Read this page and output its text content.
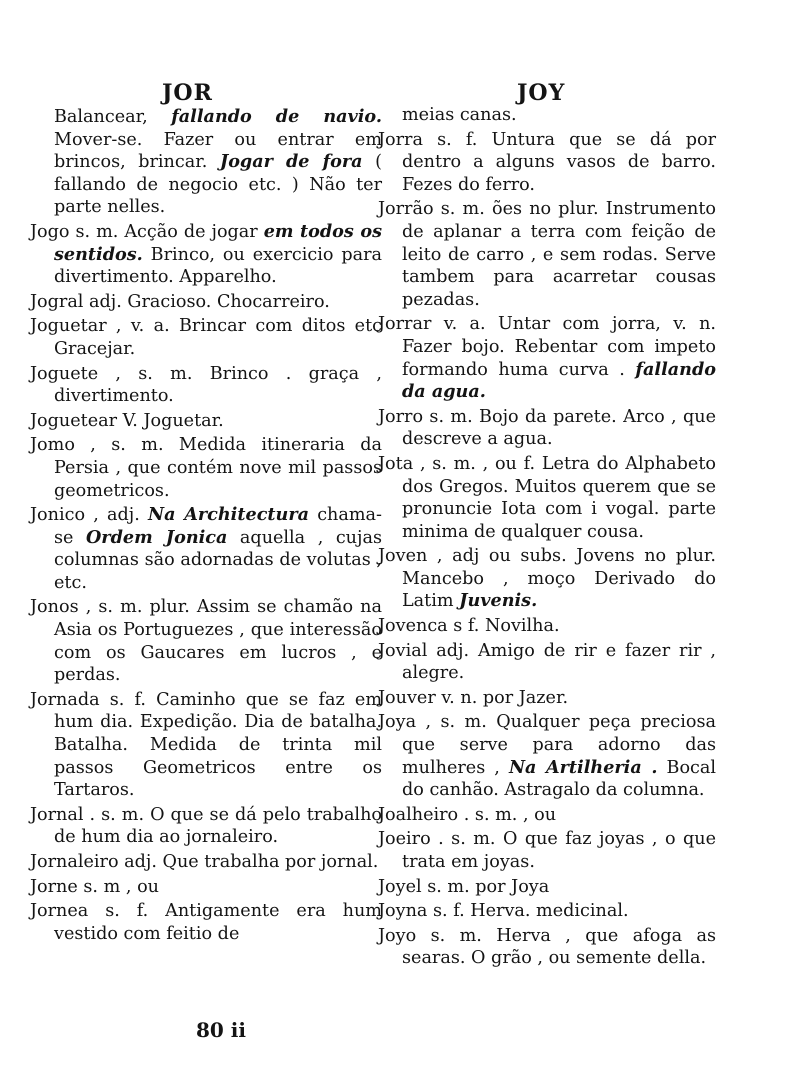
JOR	JOY

Balancear, fallando de navio. Mover-se. Fazer ou entrar em brincos, brincar. Jogar de fora ( fallando de negocio etc. ) Não ter parte nelles.

Jogo s. m. Acção de jogar em todos os sentidos. Brinco, ou exercicio para divertimento. Apparelho.

Jogral adj. Gracioso. Chocarreiro.

Joguetar , v. a. Brincar com ditos etc Gracejar.

Joguete , s. m. Brinco . graça , divertimento.

Joguetear V. Joguetar.

Jomo , s. m. Medida itineraria da Persia , que contém nove mil passos geometricos.

Jonico , adj. Na Architectura chama-se Ordem Jonica aquella , cujas columnas são adornadas de volutas , etc.

Jonos , s. m. plur. Assim se chamão na Asia os Portuguezes , que interessão com os Gaucares em lucros , e perdas.

Jornada s. f. Caminho que se faz em hum dia. Expedição. Dia de batalha. Batalha. Medida de trinta mil passos Geometricos entre os Tartaros.

Jornal . s. m. O que se dá pelo trabalho de hum dia ao jornaleiro.

Jornaleiro adj. Que trabalha por jornal.

Jorne s. m , ou

Jornea s. f. Antigamente era hum vestido com feitio de

meias canas.

Jorra s. f. Untura que se dá por dentro a alguns vasos de barro. Fezes do ferro.

Jorrão s. m. ões no plur. Instrumento de aplanar a terra com feição de leito de carro , e sem rodas. Serve tambem para acarretar cousas pezadas.

Jorrar v. a. Untar com jorra, v. n. Fazer bojo. Rebentar com impeto formando huma curva . fallando da agua.

Jorro s. m. Bojo da parete. Arco , que descreve a agua.

Jota , s. m. , ou f. Letra do Alphabeto dos Gregos. Muitos querem que se pronuncie Iota com i vogal. parte minima de qualquer cousa.

Joven , adj ou subs. Jovens no plur. Mancebo , moço Derivado do Latim Juvenis.

Jovenca s f. Novilha.

Jovial adj. Amigo de rir e fazer rir , alegre.

Jouver v. n. por Jazer.

Joya , s. m. Qualquer peça preciosa que serve para adorno das mulheres , Na Artilheria . Bocal do canhão. Astragalo da columna.

Joalheiro . s. m. , ou

Joeiro . s. m. O que faz joyas , o que trata em joyas.

Joyel s. m. por Joya

Joyna s. f. Herva. medicinal.

Joyo s. m. Herva , que afoga as searas. O grão , ou semente della.

80 ii
